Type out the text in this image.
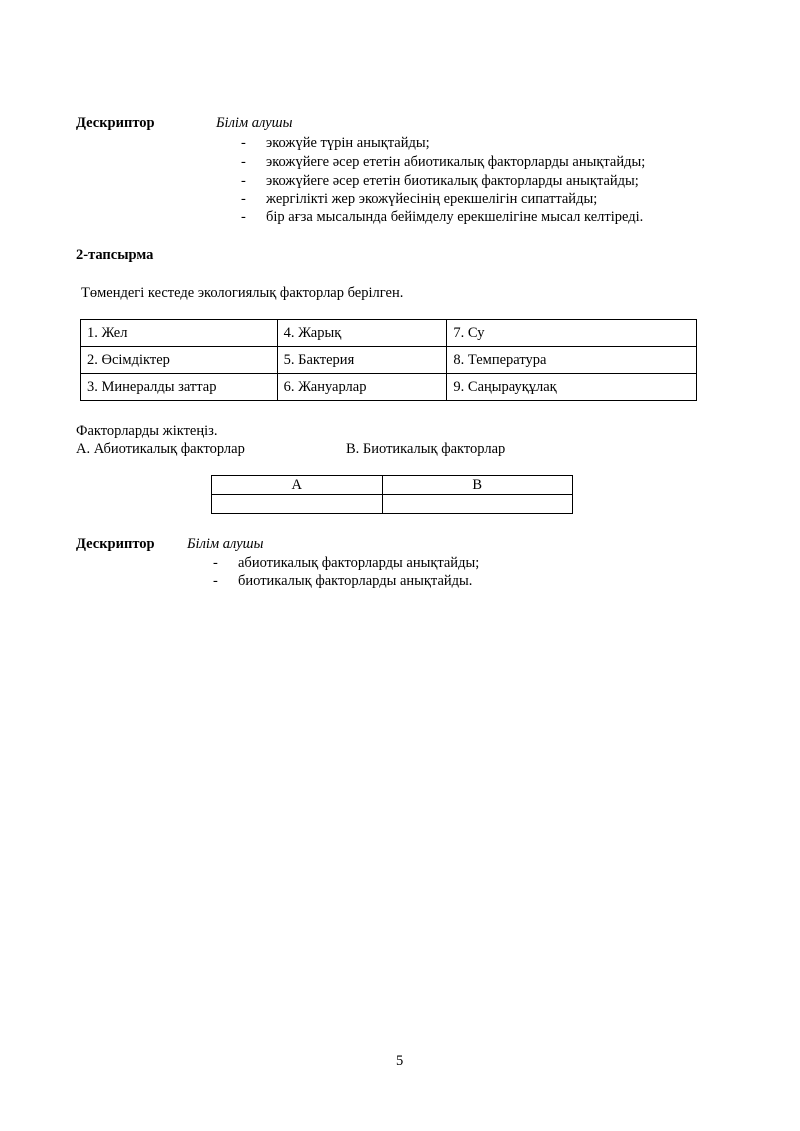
Дескриптор	Білім алушы
- экожүйе түрін анықтайды;
- экожүйеге әсер ететін абиотикалық факторларды анықтайды;
- экожүйеге әсер ететін биотикалық факторларды анықтайды;
- жергілікті жер экожүйесінің ерекшелігін сипаттайды;
- бір ағза мысалында бейімделу ерекшелігіне мысал келтіреді.
2-тапсырма
Төмендегі кестеде экологиялық факторлар берілген.
1. Жел	4. Жарық	7. Су
2. Өсімдіктер	5. Бактерия	8. Температура
3. Минералды заттар	6. Жануарлар	9. Саңырауқұлақ
Факторларды жіктеңіз.
А. Абиотикалық факторлар	В. Биотикалық факторлар
А	В

Дескриптор Білім алушы
- абиотикалық факторларды анықтайды;
- биотикалық факторларды анықтайды.
5
